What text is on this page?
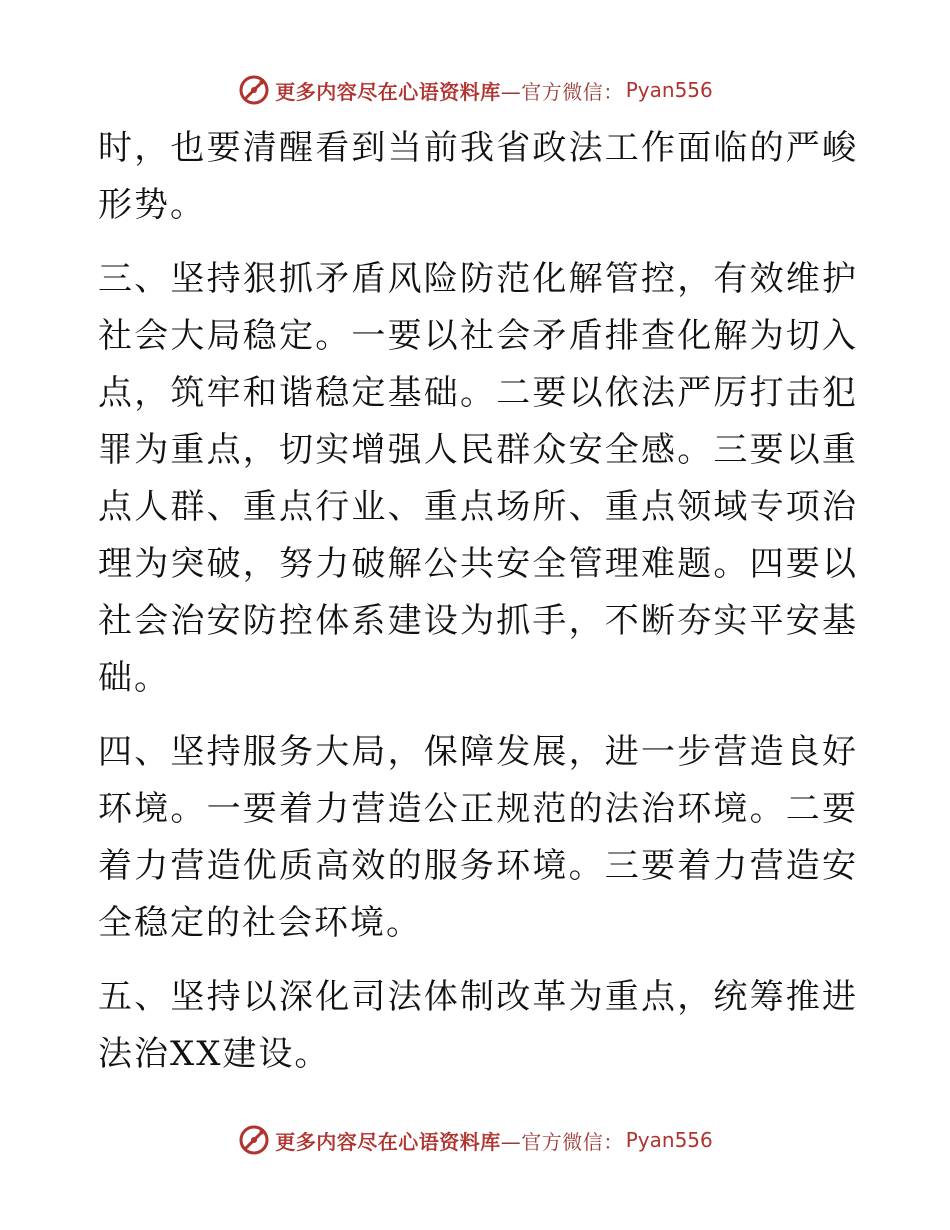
更多内容尽在心语资料库 —官方微信： Pyan556

时，也要清醒看到当前我省政法工作面临的严峻形势。

三、坚持狠抓矛盾风险防范化解管控，有效维护社会大局稳定。一要以社会矛盾排查化解为切入点，筑牢和谐稳定基础。二要以依法严厉打击犯罪为重点，切实增强人民群众安全感。三要以重点人群、重点行业、重点场所、重点领域专项治理为突破，努力破解公共安全管理难题。四要以社会治安防控体系建设为抓手，不断夯实平安基础。

四、坚持服务大局，保障发展，进一步营造良好环境。一要着力营造公正规范的法治环境。二要着力营造优质高效的服务环境。三要着力营造安全稳定的社会环境。

五、坚持以深化司法体制改革为重点，统筹推进法治XX建设。

更多内容尽在心语资料库 —官方微信： Pyan556
